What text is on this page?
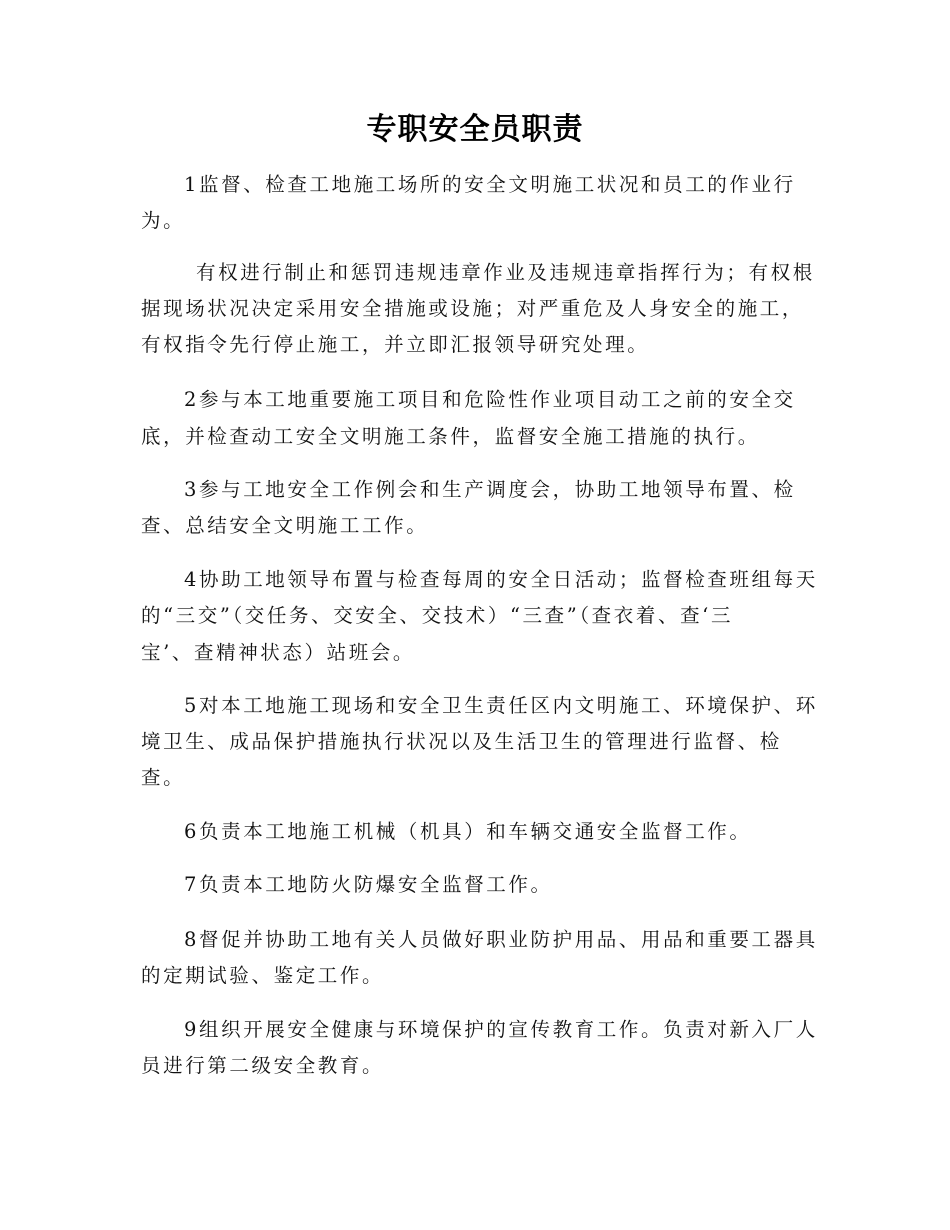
专职安全员职责
1监督、检查工地施工场所的安全文明施工状况和员工的作业行
为。
有权进行制止和惩罚违规违章作业及违规违章指挥行为；有权根
据现场状况决定采用安全措施或设施；对严重危及人身安全的施工，
有权指令先行停止施工，并立即汇报领导研究处理。
2参与本工地重要施工项目和危险性作业项目动工之前的安全交
底，并检查动工安全文明施工条件，监督安全施工措施的执行。
3参与工地安全工作例会和生产调度会，协助工地领导布置、检
查、总结安全文明施工工作。
4协助工地领导布置与检查每周的安全日活动；监督检查班组每天
的“三交”（交任务、交安全、交技术）“三查”（查衣着、查‘三
宝’、查精神状态）站班会。
5对本工地施工现场和安全卫生责任区内文明施工、环境保护、环
境卫生、成品保护措施执行状况以及生活卫生的管理进行监督、检
查。
6负责本工地施工机械（机具）和车辆交通安全监督工作。
7负责本工地防火防爆安全监督工作。
8督促并协助工地有关人员做好职业防护用品、用品和重要工器具
的定期试验、鉴定工作。
9组织开展安全健康与环境保护的宣传教育工作。负责对新入厂人
员进行第二级安全教育。
